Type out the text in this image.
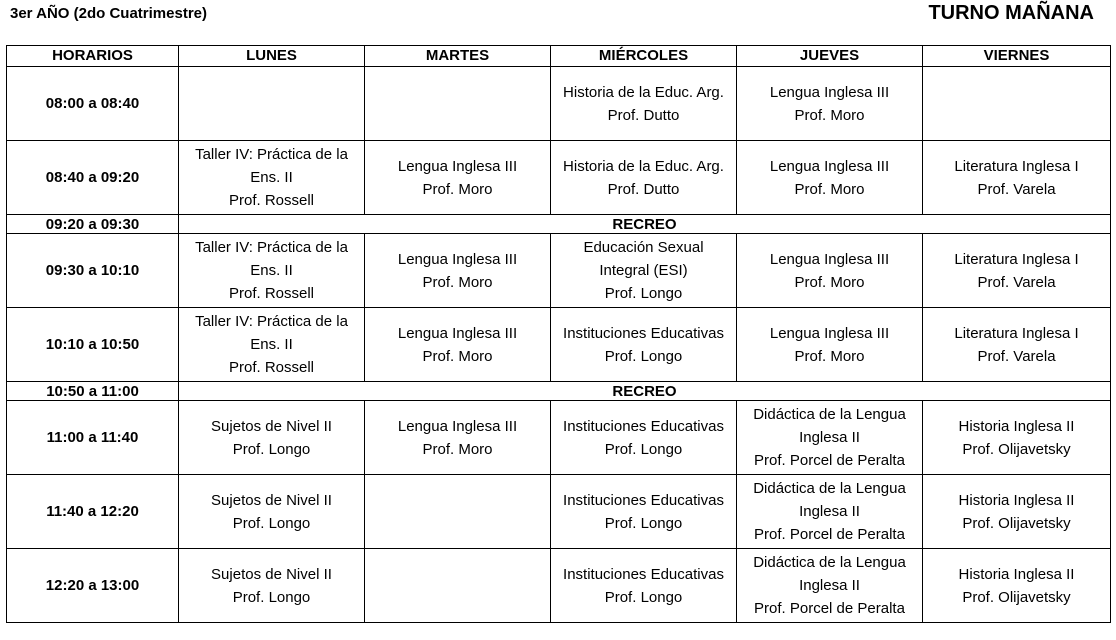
3er AÑO (2do Cuatrimestre)	TURNO MAÑANA
HORARIOS	LUNES	MARTES	MIÉRCOLES	JUEVES	VIERNES
08:00 a 08:40			Historia de la Educ. Arg.
Prof. Dutto	Lengua Inglesa III
Prof. Moro	

08:40 a 09:20	Taller IV: Práctica de la
Ens. II
Prof. Rossell	Lengua Inglesa III
Prof. Moro	Historia de la Educ. Arg.
Prof. Dutto	Lengua Inglesa III
Prof. Moro	Literatura Inglesa I
Prof. Varela

09:20 a 09:30	RECREO				
09:30 a 10:10	Taller IV: Práctica de la
Ens. II
Prof. Rossell	Lengua Inglesa III
Prof. Moro	Educación Sexual
Integral (ESI)
Prof. Longo	Lengua Inglesa III
Prof. Moro	Literatura Inglesa I
Prof. Varela

10:10 a 10:50	Taller IV: Práctica de la
Ens. II
Prof. Rossell	Lengua Inglesa III
Prof. Moro	Instituciones Educativas
Prof. Longo	Lengua Inglesa III
Prof. Moro	Literatura Inglesa I
Prof. Varela

10:50 a 11:00	RECREO				
11:00 a 11:40	Sujetos de Nivel II
Prof. Longo	Lengua Inglesa III
Prof. Moro	Instituciones Educativas
Prof. Longo	Didáctica de la Lengua
Inglesa II
Prof. Porcel de Peralta	Historia Inglesa II
Prof. Olijavetsky

11:40 a 12:20	Sujetos de Nivel II
Prof. Longo		Instituciones Educativas
Prof. Longo	Didáctica de la Lengua
Inglesa II
Prof. Porcel de Peralta	Historia Inglesa II
Prof. Olijavetsky

12:20 a 13:00	Sujetos de Nivel II
Prof. Longo		Instituciones Educativas
Prof. Longo	Didáctica de la Lengua
Inglesa II
Prof. Porcel de Peralta	Historia Inglesa II
Prof. Olijavetsky
